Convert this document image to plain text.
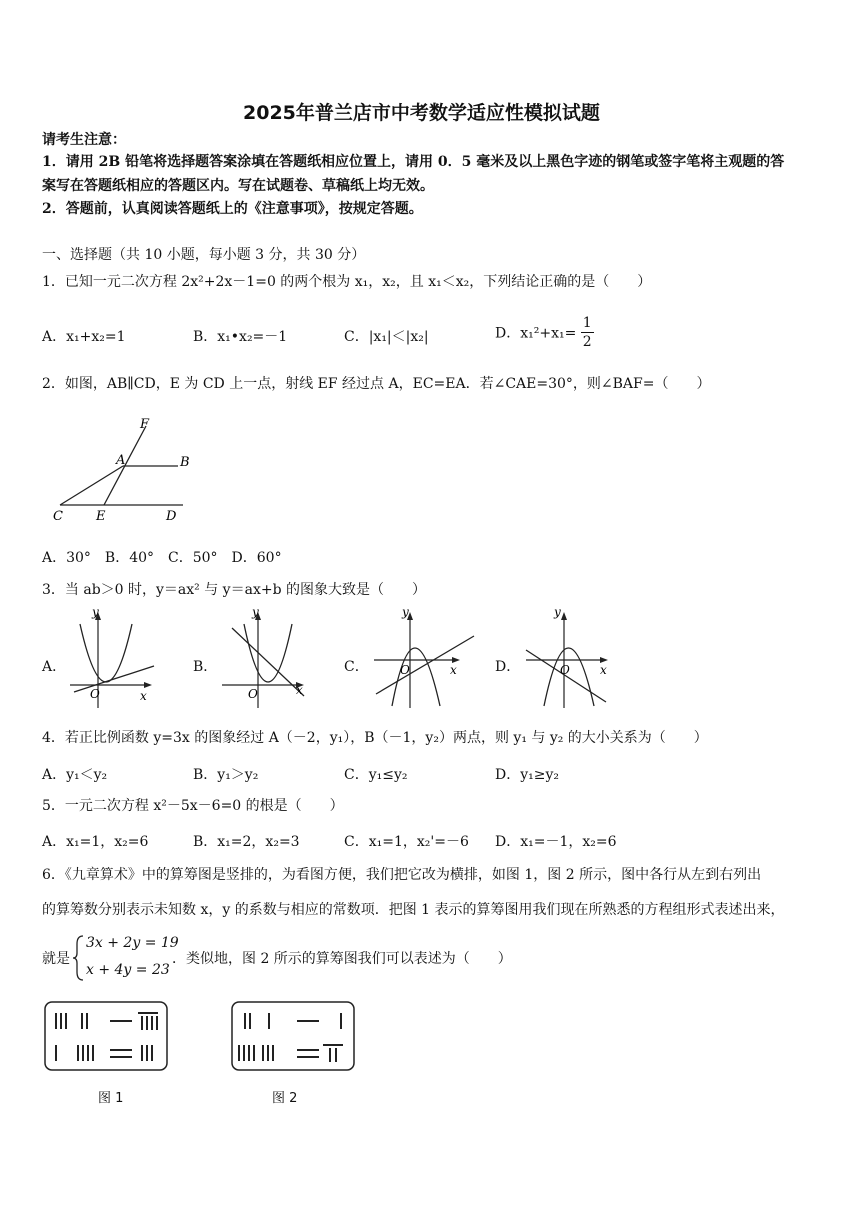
2025年普兰店市中考数学适应性模拟试题
请考生注意：
1．请用 2B 铅笔将选择题答案涂填在答题纸相应位置上，请用 0．5 毫米及以上黑色字迹的钢笔或签字笔将主观题的答
案写在答题纸相应的答题区内。写在试题卷、草稿纸上均无效。
2．答题前，认真阅读答题纸上的《注意事项》，按规定答题。
一、选择题（共 10 小题，每小题 3 分，共 30 分）
1．已知一元二次方程 2x²+2x－1=0 的两个根为 x₁，x₂，且 x₁＜x₂，下列结论正确的是（　　）
A．x₁+x₂=1	B．x₁•x₂=－1	C．|x₁|＜|x₂|	D．$x_1^2+x_1= \frac{1}{2}$
2．如图，AB∥CD，E 为 CD 上一点，射线 EF 经过点 A，EC=EA．若∠CAE=30°，则∠BAF=（　　）
F
A	B
C	E	D
A．30°　B．40°　C．50°　D．60°
3．当 ab＞0 时，y＝ax² 与 y＝ax+b 的图象大致是（　　）
A．
y
x
O
B．
y
x
O
C．
y
x
O	D．
y
x
O
4．若正比例函数 y=3x 的图象经过 A（－2，y₁），B（－1，y₂）两点，则 y₁ 与 y₂ 的大小关系为（　　）
A．y₁＜y₂	B．y₁＞y₂	C．y₁≤y₂	D．y₁≥y₂
5．一元二次方程 x²－5x－6=0 的根是（　　）
A．x₁=1，x₂=6	B．x₁=2，x₂=3	C．x₁=1，x₂'=－6 D．x₁=－1，x₂=6
6．《九章算术》中的算筹图是竖排的，为看图方便，我们把它改为横排，如图 1，图 2 所示，图中各行从左到右列出
的算筹数分别表示未知数 x，y 的系数与相应的常数项．把图 1 表示的算筹图用我们现在所熟悉的方程组形式表述出来，
就是
3x + 2y = 19
x + 4y = 23
．类似地，图 2 所示的算筹图我们可以表述为（　　）
图 1	图 2
